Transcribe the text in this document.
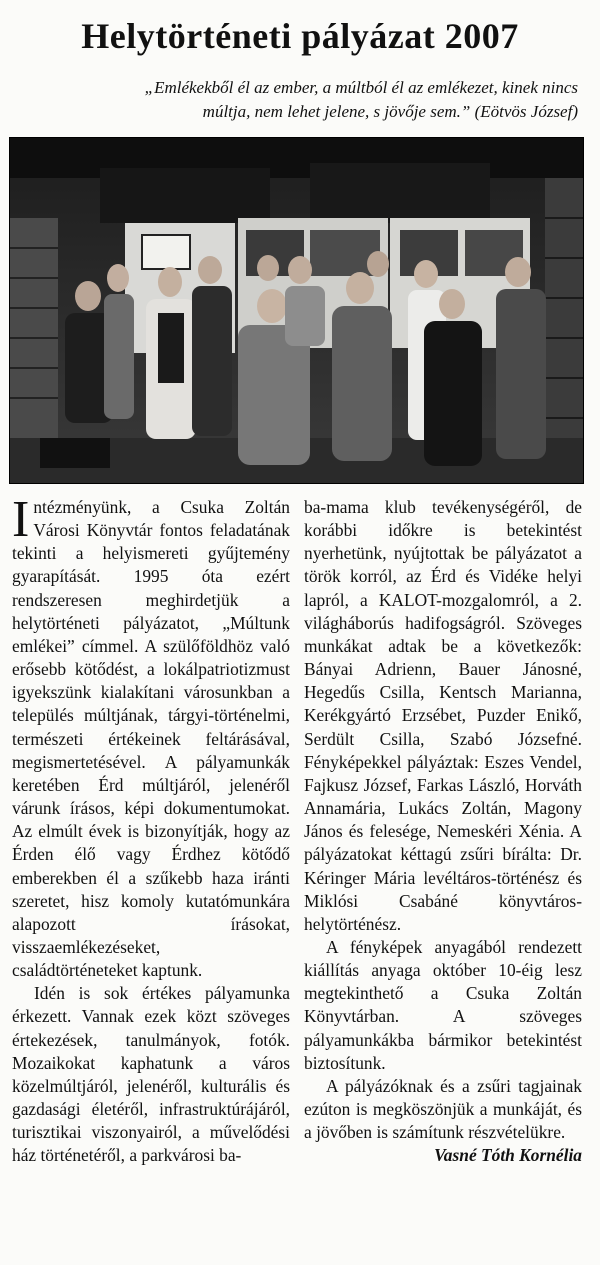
Helytörténeti pályázat 2007
„Emlékekből él az ember, a múltból él az emlékezet, kinek nincs
múltja, nem lehet jelene, s jövője sem.” (Eötvös József)

Intézményünk, a Csuka Zoltán Városi Könyvtár fontos feladatának tekinti a helyismereti gyűjtemény gyarapítását. 1995 óta ezért rendszeresen meghirdetjük a helytörténeti pályázatot, „Múltunk emlékei” címmel. A szülőföldhöz való erősebb kötődést, a lokálpatriotizmust igyekszünk kialakítani városunkban a település múltjának, tárgyi-történelmi, természeti értékeinek feltárásával, megismertetésével. A pályamunkák keretében Érd múltjáról, jelenéről várunk írásos, képi dokumentumokat. Az elmúlt évek is bizonyítják, hogy az Érden élő vagy Érdhez kötődő emberekben él a szűkebb haza iránti szeretet, hisz komoly kutatómunkára alapozott írásokat, visszaemlékezéseket, családtörténeteket kaptunk.

Idén is sok értékes pályamunka érkezett. Vannak ezek közt szöveges értekezések, tanulmányok, fotók. Mozaikokat kaphatunk a város közelmúltjáról, jelenéről, kulturális és gazdasági életéről, infrastruktúrájáról, turisztikai viszonyairól, a művelődési ház történetéről, a parkvárosi ba-

ba-mama klub tevékenységéről, de korábbi időkre is betekintést nyerhetünk, nyújtottak be pályázatot a török korról, az Érd és Vidéke helyi lapról, a KALOT-mozgalomról, a 2. világháborús hadifogságról. Szöveges munkákat adtak be a következők: Bányai Adrienn, Bauer Jánosné, Hegedűs Csilla, Kentsch Marianna, Kerékgyártó Erzsébet, Puzder Enikő, Serdült Csilla, Szabó Józsefné. Fényképekkel pályáztak: Eszes Vendel, Fajkusz József, Farkas László, Horváth Annamária, Lukács Zoltán, Magony János és felesége, Nemeskéri Xénia. A pályázatokat kéttagú zsűri bírálta: Dr. Kéringer Mária levéltáros-történész és Miklósi Csabáné könyvtáros-helytörténész.

A fényképek anyagából rendezett kiállítás anyaga október 10-éig lesz megtekinthető a Csuka Zoltán Könyvtárban. A szöveges pályamunkákba bármikor betekintést biztosítunk.

A pályázóknak és a zsűri tagjainak ezúton is megköszönjük a munkáját, és a jövőben is számítunk részvételükre.

Vasné Tóth Kornélia
